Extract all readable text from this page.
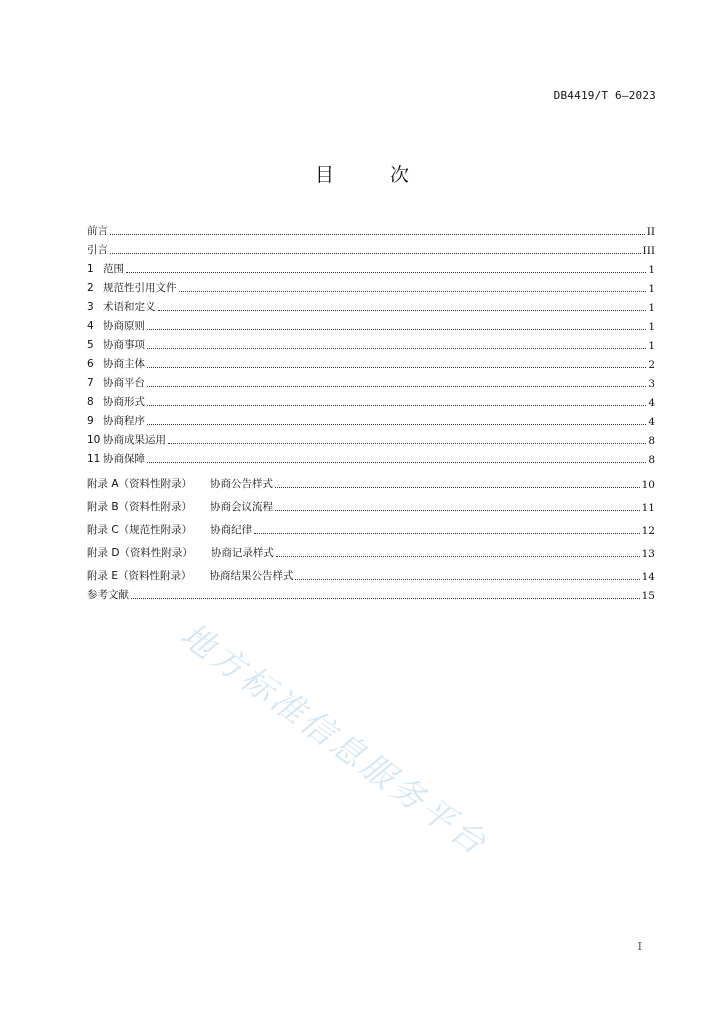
DB4419/T 6—2023
目	次
前言	II
引言	III
1 范围	1
2 规范性引用文件	1
3 术语和定义	1
4 协商原则	1
5 协商事项	1
6 协商主体	2
7 协商平台	3
8 协商形式	4
9 协商程序	4
10 协商成果运用	8
11 协商保障	8
附录 A（资料性附录） 协商公告样式	10
附录 B（资料性附录） 协商会议流程	11
附录 C（规范性附录） 协商纪律	12
附录 D（资料性附录） 协商记录样式	13
附录 E（资料性附录） 协商结果公告样式	14
参考文献	15
地方标准信息服务平台
I
